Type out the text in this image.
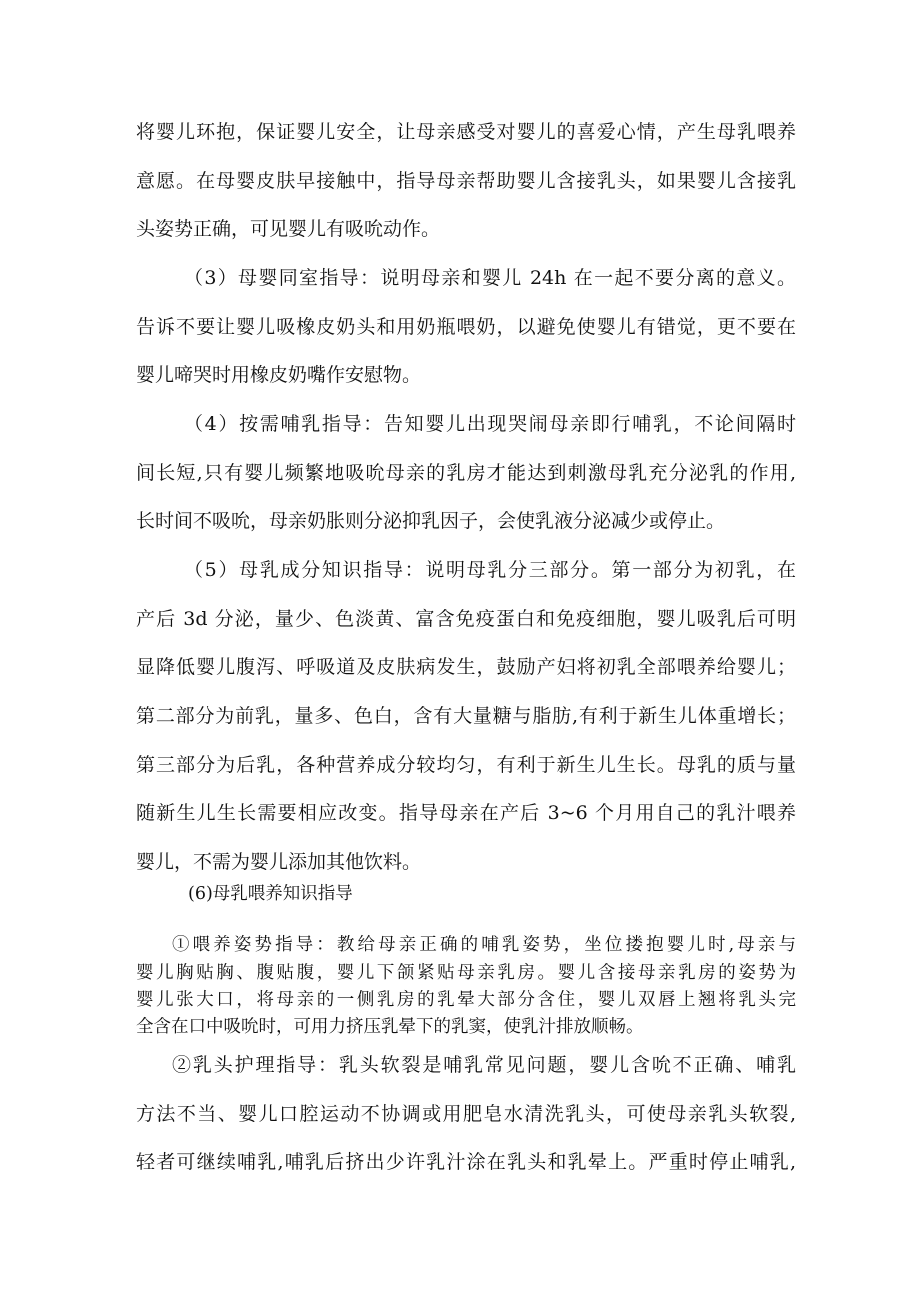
将婴儿环抱，保证婴儿安全，让母亲感受对婴儿的喜爱心情，产生母乳喂养
意愿。在母婴皮肤早接触中，指导母亲帮助婴儿含接乳头，如果婴儿含接乳
头姿势正确，可见婴儿有吸吮动作。
（3）母婴同室指导：说明母亲和婴儿 24h 在一起不要分离的意义。
告诉不要让婴儿吸橡皮奶头和用奶瓶喂奶，以避免使婴儿有错觉，更不要在
婴儿啼哭时用橡皮奶嘴作安慰物。
（4）按需哺乳指导：告知婴儿出现哭闹母亲即行哺乳，不论间隔时
间长短,只有婴儿频繁地吸吮母亲的乳房才能达到刺激母乳充分泌乳的作用,
长时间不吸吮，母亲奶胀则分泌抑乳因子，会使乳液分泌减少或停止。
（5）母乳成分知识指导：说明母乳分三部分。第一部分为初乳，在
产后 3d 分泌，量少、色淡黄、富含免疫蛋白和免疫细胞，婴儿吸乳后可明
显降低婴儿腹泻、呼吸道及皮肤病发生，鼓励产妇将初乳全部喂养给婴儿；
第二部分为前乳，量多、色白，含有大量糖与脂肪,有利于新生儿体重增长；
第三部分为后乳，各种营养成分较均匀，有利于新生儿生长。母乳的质与量
随新生儿生长需要相应改变。指导母亲在产后 3~6 个月用自己的乳汁喂养
婴儿，不需为婴儿添加其他饮料。
(6)母乳喂养知识指导
①喂养姿势指导：教给母亲正确的哺乳姿势，坐位搂抱婴儿时,母亲与
婴儿胸贴胸、腹贴腹，婴儿下颌紧贴母亲乳房。婴儿含接母亲乳房的姿势为
婴儿张大口，将母亲的一侧乳房的乳晕大部分含住，婴儿双唇上翘将乳头完
全含在口中吸吮时，可用力挤压乳晕下的乳窦，使乳汁排放顺畅。
②乳头护理指导：乳头软裂是哺乳常见问题，婴儿含吮不正确、哺乳
方法不当、婴儿口腔运动不协调或用肥皂水清洗乳头，可使母亲乳头软裂,
轻者可继续哺乳,哺乳后挤出少许乳汁涂在乳头和乳晕上。严重时停止哺乳,
